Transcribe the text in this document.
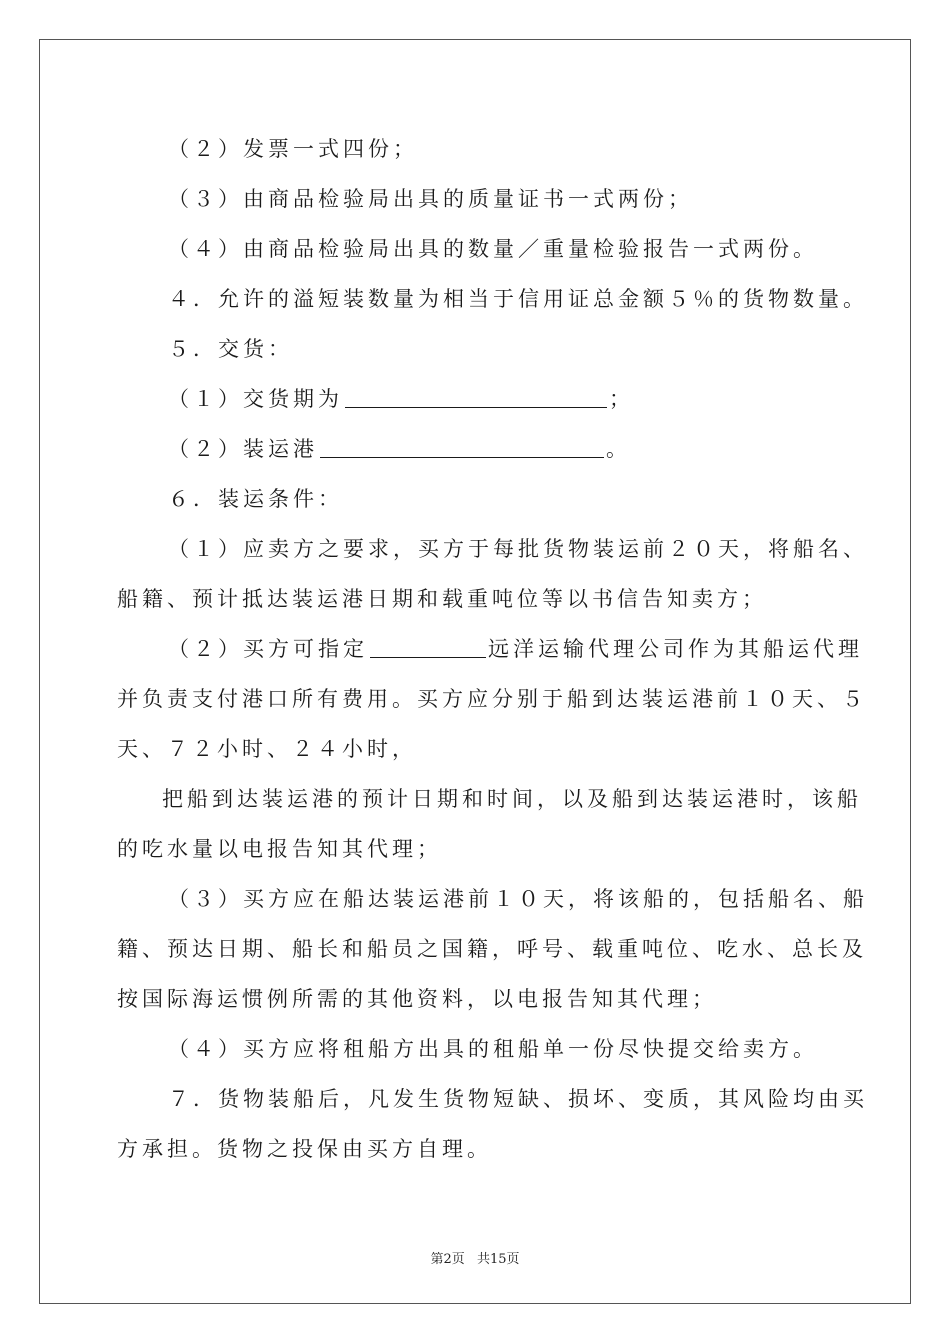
（２）发票一式四份；
（３）由商品检验局出具的质量证书一式两份；
（４）由商品检验局出具的数量／重量检验报告一式两份。
４．允许的溢短装数量为相当于信用证总金额５％的货物数量。
５．交货：
（１）交货期为	；
（２）装运港	。
６．装运条件：
（１）应卖方之要求，买方于每批货物装运前２０天，将船名、
船籍、预计抵达装运港日期和载重吨位等以书信告知卖方；
（２）买方可指定	远洋运输代理公司作为其船运代理
并负责支付港口所有费用。买方应分别于船到达装运港前１０天、５
天、７２小时、２４小时，
把船到达装运港的预计日期和时间，以及船到达装运港时，该船
的吃水量以电报告知其代理；
（３）买方应在船达装运港前１０天，将该船的，包括船名、船
籍、预达日期、船长和船员之国籍，呼号、载重吨位、吃水、总长及
按国际海运惯例所需的其他资料，以电报告知其代理；
（４）买方应将租船方出具的租船单一份尽快提交给卖方。
７．货物装船后，凡发生货物短缺、损坏、变质，其风险均由买
方承担。货物之投保由买方自理。
第2页 共15页
